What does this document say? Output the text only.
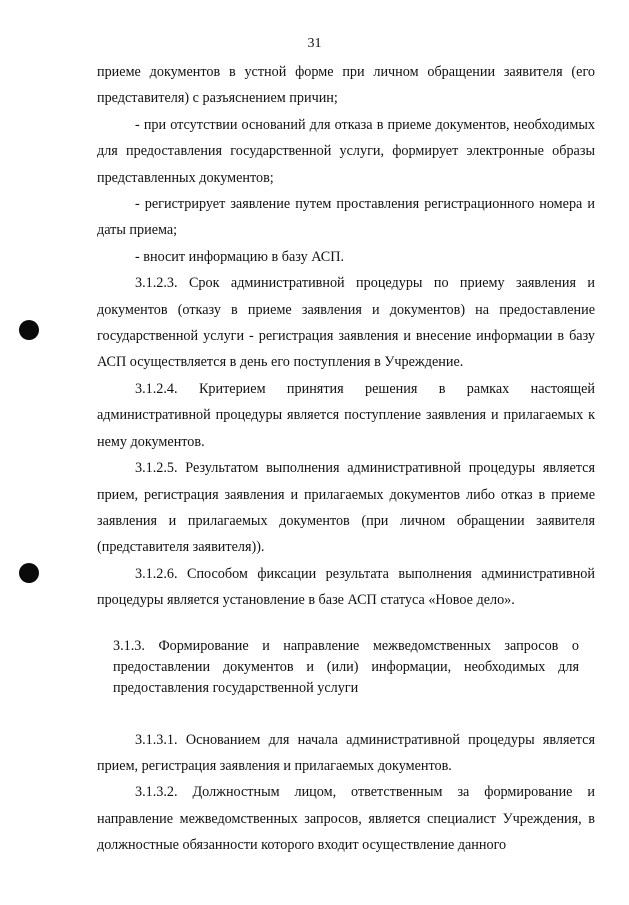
31

приеме документов в устной форме при личном обращении заявителя (его представителя) с разъяснением причин;

- при отсутствии оснований для отказа в приеме документов, необходимых для предоставления государственной услуги, формирует электронные образы представленных документов;

- регистрирует заявление путем проставления регистрационного номера и даты приема;

- вносит информацию в базу АСП.

3.1.2.3. Срок административной процедуры по приему заявления и документов (отказу в приеме заявления и документов) на предоставление государственной услуги - регистрация заявления и внесение информации в базу АСП осуществляется в день его поступления в Учреждение.

3.1.2.4. Критерием принятия решения в рамках настоящей административной процедуры является поступление заявления и прилагаемых к нему документов.

3.1.2.5. Результатом выполнения административной процедуры является прием, регистрация заявления и прилагаемых документов либо отказ в приеме заявления и прилагаемых документов (при личном обращении заявителя (представителя заявителя)).

3.1.2.6. Способом фиксации результата выполнения административной процедуры является установление в базе АСП статуса «Новое дело».

3.1.3. Формирование и направление межведомственных запросов о предоставлении документов и (или) информации, необходимых для предоставления государственной услуги

3.1.3.1. Основанием для начала административной процедуры является прием, регистрация заявления и прилагаемых документов.

3.1.3.2. Должностным лицом, ответственным за формирование и направление межведомственных запросов, является специалист Учреждения, в должностные обязанности которого входит осуществление данного
